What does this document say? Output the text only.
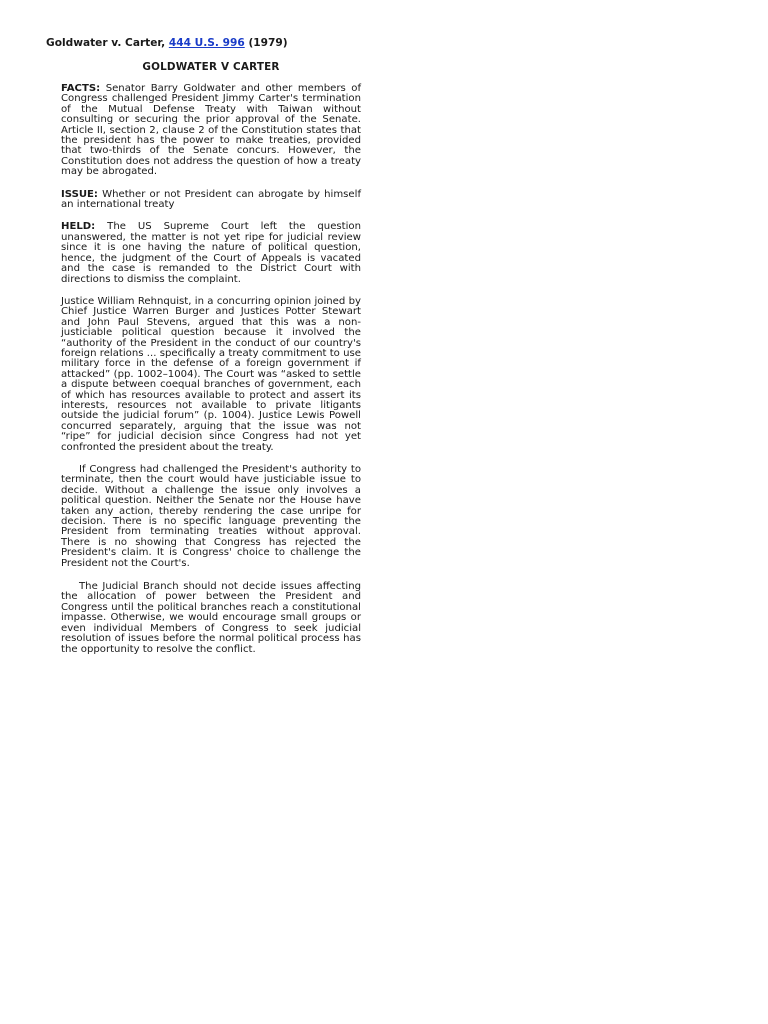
Goldwater v. Carter, 444 U.S. 996 (1979)
GOLDWATER V CARTER

FACTS: Senator Barry Goldwater and other members of Congress challenged President Jimmy Carter's termination of the Mutual Defense Treaty with Taiwan without consulting or securing the prior approval of the Senate. Article II, section 2, clause 2 of the Constitution states that the president has the power to make treaties, provided that two-thirds of the Senate concurs. However, the Constitution does not address the question of how a treaty may be abrogated.

ISSUE: Whether or not President can abrogate by himself an international treaty

HELD: The US Supreme Court left the question unanswered, the matter is not yet ripe for judicial review since it is one having the nature of political question, hence, the judgment of the Court of Appeals is vacated and the case is remanded to the District Court with directions to dismiss the complaint.

Justice William Rehnquist, in a concurring opinion joined by Chief Justice Warren Burger and Justices Potter Stewart and John Paul Stevens, argued that this was a non-justiciable political question because it involved the “authority of the President in the conduct of our country's foreign relations ... specifically a treaty commitment to use military force in the defense of a foreign government if attacked” (pp. 1002–1004). The Court was “asked to settle a dispute between coequal branches of government, each of which has resources available to protect and assert its interests, resources not available to private litigants outside the judicial forum” (p. 1004). Justice Lewis Powell concurred separately, arguing that the issue was not “ripe” for judicial decision since Congress had not yet confronted the president about the treaty.

If Congress had challenged the President's authority to terminate, then the court would have justiciable issue to decide. Without a challenge the issue only involves a political question. Neither the Senate nor the House have taken any action, thereby rendering the case unripe for decision. There is no specific language preventing the President from terminating treaties without approval. There is no showing that Congress has rejected the President's claim. It is Congress' choice to challenge the President not the Court's.

The Judicial Branch should not decide issues affecting the allocation of power between the President and Congress until the political branches reach a constitutional impasse. Otherwise, we would encourage small groups or even individual Members of Congress to seek judicial resolution of issues before the normal political process has the opportunity to resolve the conflict.
